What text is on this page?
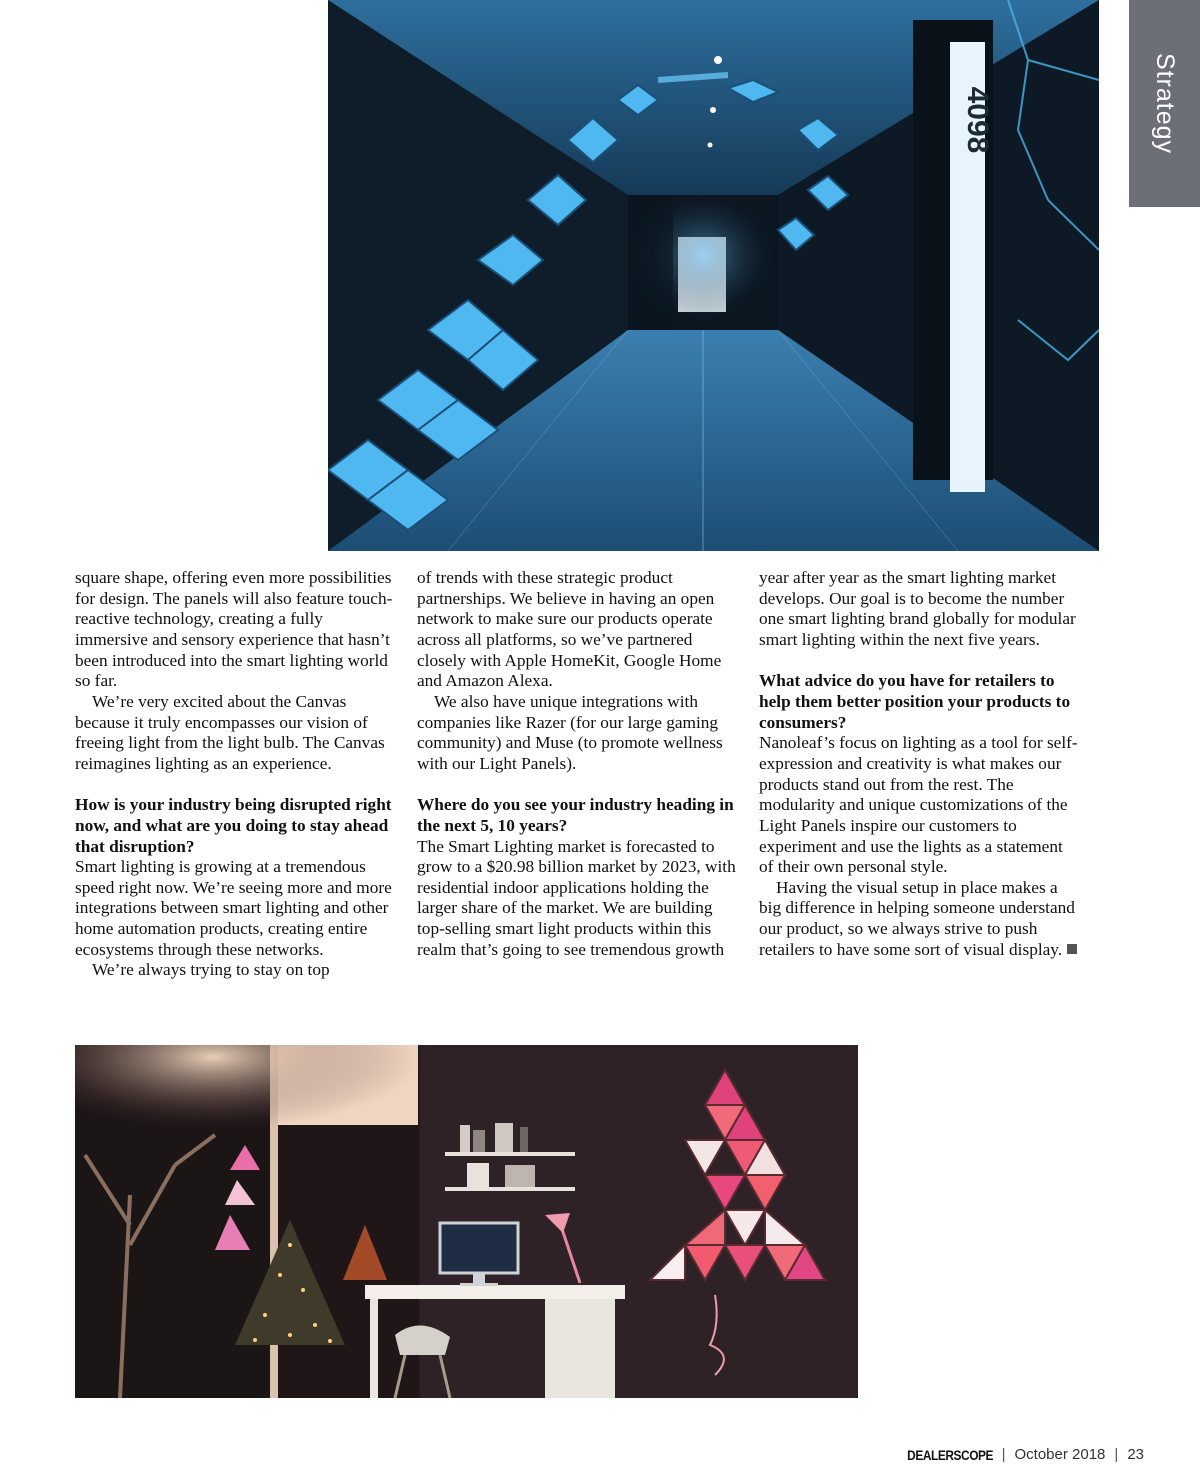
Strategy
4098

square shape, offering even more possibilities for design. The panels will also feature touch-reactive technology, creating a fully immersive and sensory experience that hasn’t been introduced into the smart lighting world so far.

We’re very excited about the Canvas because it truly encompasses our vision of freeing light from the light bulb. The Canvas reimagines lighting as an experience.

How is your industry being disrupted right now, and what are you doing to stay ahead that disruption?

Smart lighting is growing at a tremendous speed right now. We’re seeing more and more integrations between smart lighting and other home automation products, creating entire ecosystems through these networks.

We’re always trying to stay on top

of trends with these strategic product partnerships. We believe in having an open network to make sure our products operate across all platforms, so we’ve partnered closely with Apple HomeKit, Google Home and Amazon Alexa.

We also have unique integrations with companies like Razer (for our large gaming community) and Muse (to promote wellness with our Light Panels).

Where do you see your industry heading in the next 5, 10 years?

The Smart Lighting market is forecasted to grow to a $20.98 billion market by 2023, with residential indoor applications holding the larger share of the market. We are building top-selling smart light products within this realm that’s going to see tremendous growth

year after year as the smart lighting market develops. Our goal is to become the number one smart lighting brand globally for modular smart lighting within the next five years.

What advice do you have for retailers to help them better position your products to consumers?

Nanoleaf’s focus on lighting as a tool for self-expression and creativity is what makes our products stand out from the rest. The modularity and unique customizations of the Light Panels inspire our customers to experiment and use the lights as a statement of their own personal style.

Having the visual setup in place makes a big difference in helping someone understand our product, so we always strive to push retailers to have some sort of visual display.

DEALERSCOPE | October 2018 | 23
